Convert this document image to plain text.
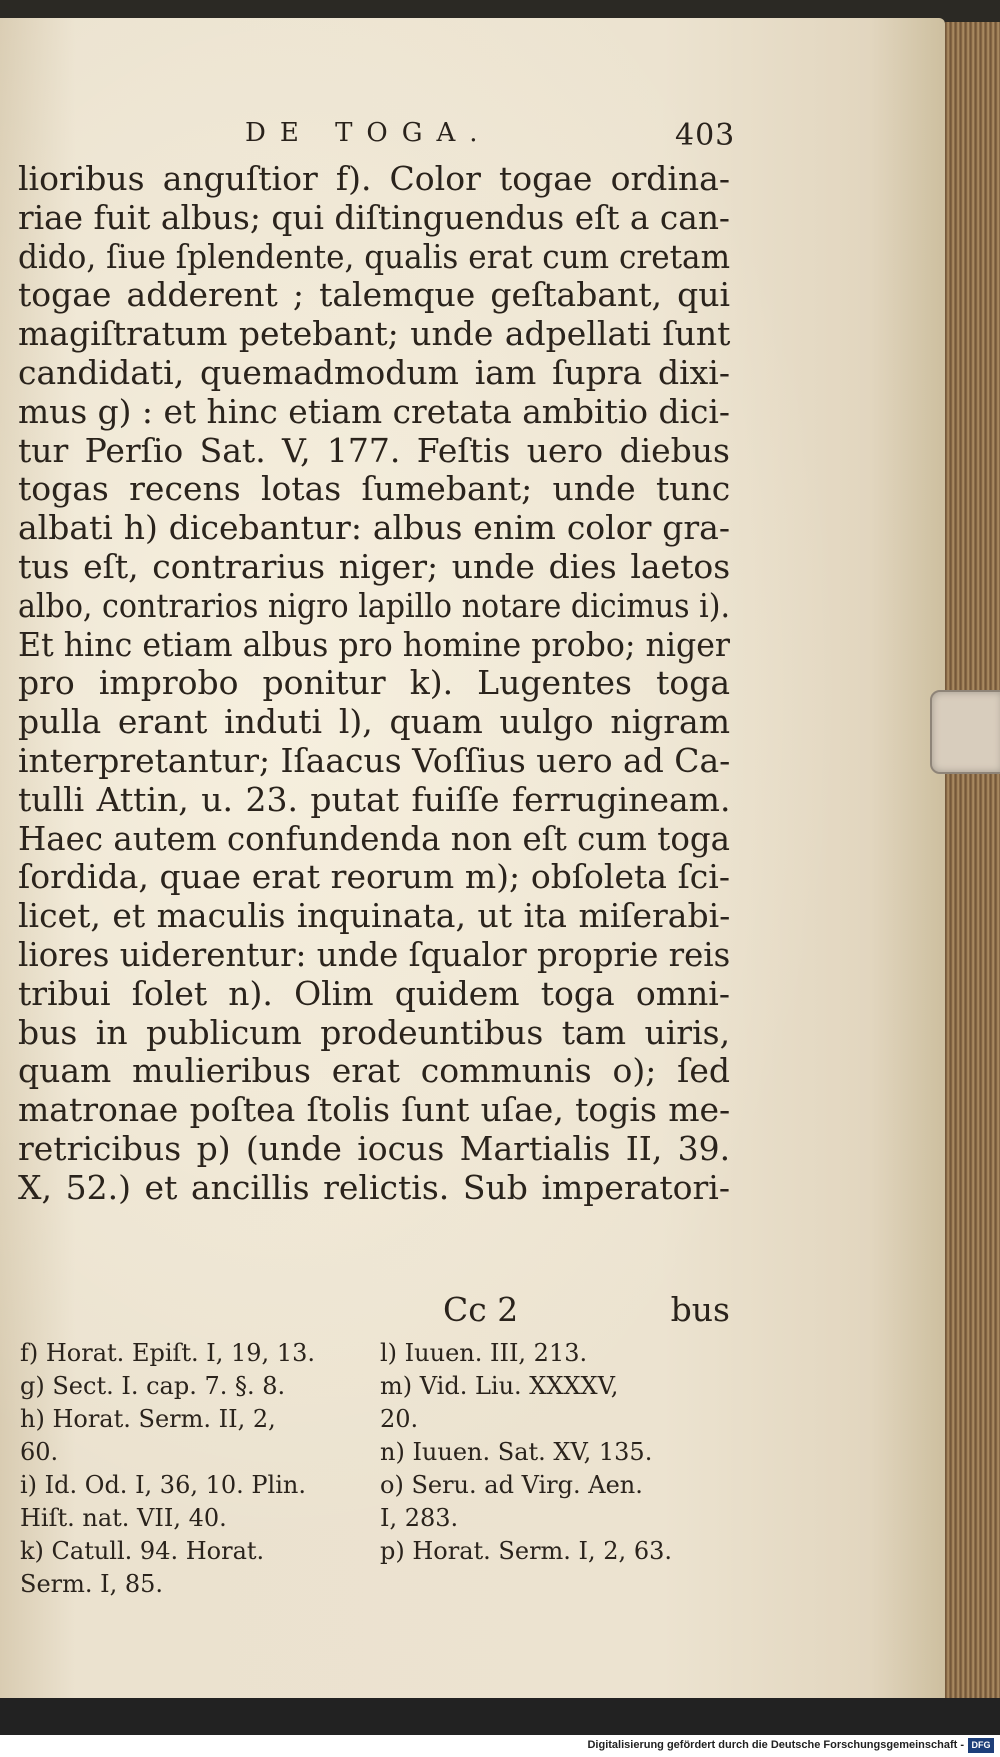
DE TOGA.	403
lioribus anguſtior f). Color togae ordina-
riae fuit albus; qui diſtinguendus eſt a can-
dido, ſiue ſplendente, qualis erat cum cretam
togae adderent ; talemque geſtabant, qui
magiſtratum petebant; unde adpellati ſunt
candidati, quemadmodum iam ſupra dixi-
mus g) : et hinc etiam cretata ambitio dici-
tur Perſio Sat. V, 177. Feſtis uero diebus
togas recens lotas ſumebant; unde tunc
albati h) dicebantur: albus enim color gra-
tus eſt, contrarius niger; unde dies laetos
albo, contrarios nigro lapillo notare dicimus i).
Et hinc etiam albus pro homine probo; niger
pro improbo ponitur k). Lugentes toga
pulla erant induti l), quam uulgo nigram
interpretantur; Iſaacus Voſſius uero ad Ca-
tulli Attin, u. 23. putat fuiſſe ferrugineam.
Haec autem confundenda non eſt cum toga
ſordida, quae erat reorum m); obſoleta ſci-
licet, et maculis inquinata, ut ita miſerabi-
liores uiderentur: unde ſqualor proprie reis
tribui ſolet n). Olim quidem toga omni-
bus in publicum prodeuntibus tam uiris,
quam mulieribus erat communis o); ſed
matronae poſtea ſtolis ſunt uſae, togis me-
retricibus p) (unde iocus Martialis II, 39.
X, 52.) et ancillis relictis. Sub imperatori-
Cc 2	bus
f) Horat. Epiſt. I, 19, 13.
g) Sect. I. cap. 7. §. 8.
h) Horat. Serm. II, 2,
60.
i) Id. Od. I, 36, 10. Plin.
Hiſt. nat. VII, 40.
k) Catull. 94. Horat.
Serm. I, 85.
l) Iuuen. III, 213.
m) Vid. Liu. XXXXV,
20.
n) Iuuen. Sat. XV, 135.
o) Seru. ad Virg. Aen.
I, 283.
p) Horat. Serm. I, 2, 63.
Digitalisierung gefördert durch die Deutsche Forschungsgemeinschaft - DFG
